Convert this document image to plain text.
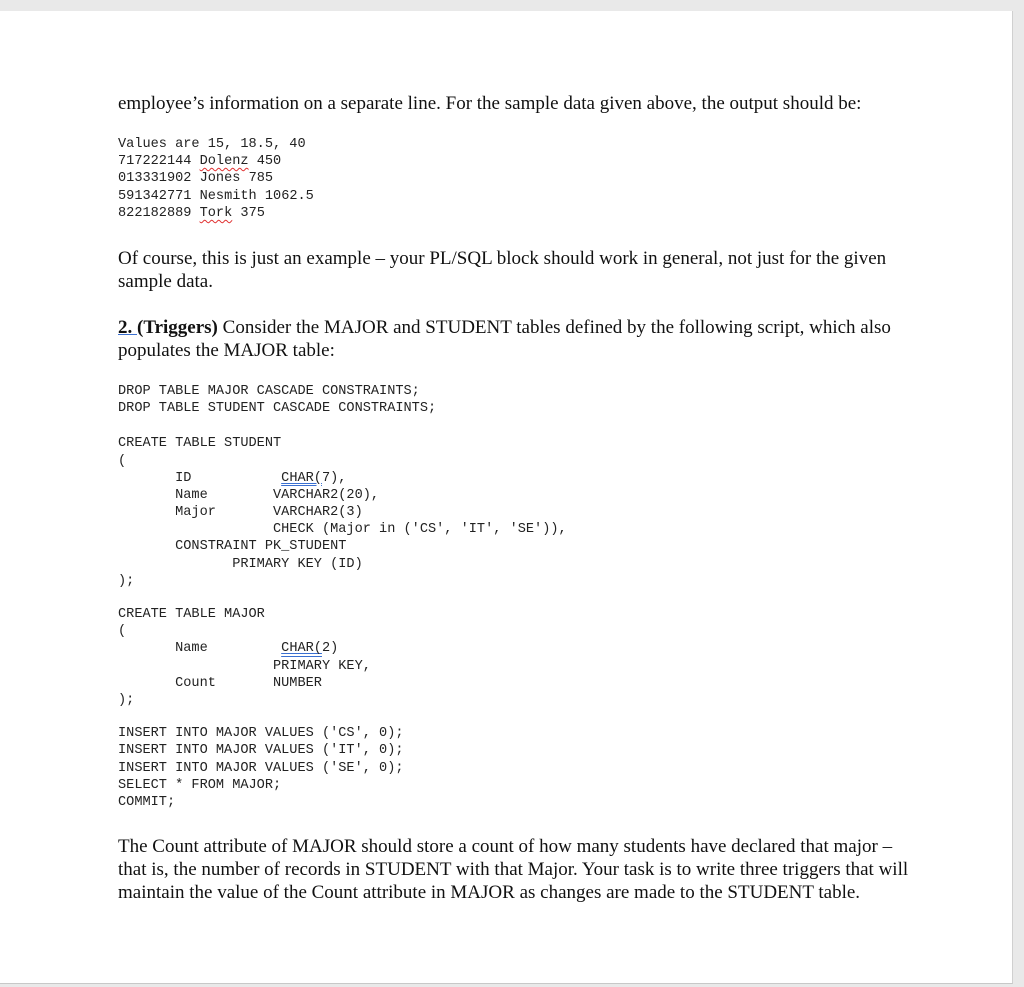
employee’s information on a separate line. For the sample data given above, the output should be:

Values are 15, 18.5, 40
717222144 Dolenz 450
013331902 Jones 785
591342771 Nesmith 1062.5
822182889 Tork 375

Of course, this is just an example – your PL/SQL block should work in general, not just for the given sample data.

2. (Triggers) Consider the MAJOR and STUDENT tables defined by the following script, which also populates the MAJOR table:

DROP TABLE MAJOR CASCADE CONSTRAINTS;
DROP TABLE STUDENT CASCADE CONSTRAINTS;
CREATE TABLE STUDENT
(
ID	CHAR(7),
Name        VARCHAR2(20),
Major       VARCHAR2(3)
CHECK (Major in ('CS', 'IT', 'SE')),
CONSTRAINT PK_STUDENT
PRIMARY KEY (ID)
);
CREATE TABLE MAJOR
(
Name	CHAR(2)
PRIMARY KEY,
Count       NUMBER
);
INSERT INTO MAJOR VALUES ('CS', 0);
INSERT INTO MAJOR VALUES ('IT', 0);
INSERT INTO MAJOR VALUES ('SE', 0);
SELECT * FROM MAJOR;
COMMIT;

The Count attribute of MAJOR should store a count of how many students have declared that major – that is, the number of records in STUDENT with that Major. Your task is to write three triggers that will maintain the value of the Count attribute in MAJOR as changes are made to the STUDENT table.
